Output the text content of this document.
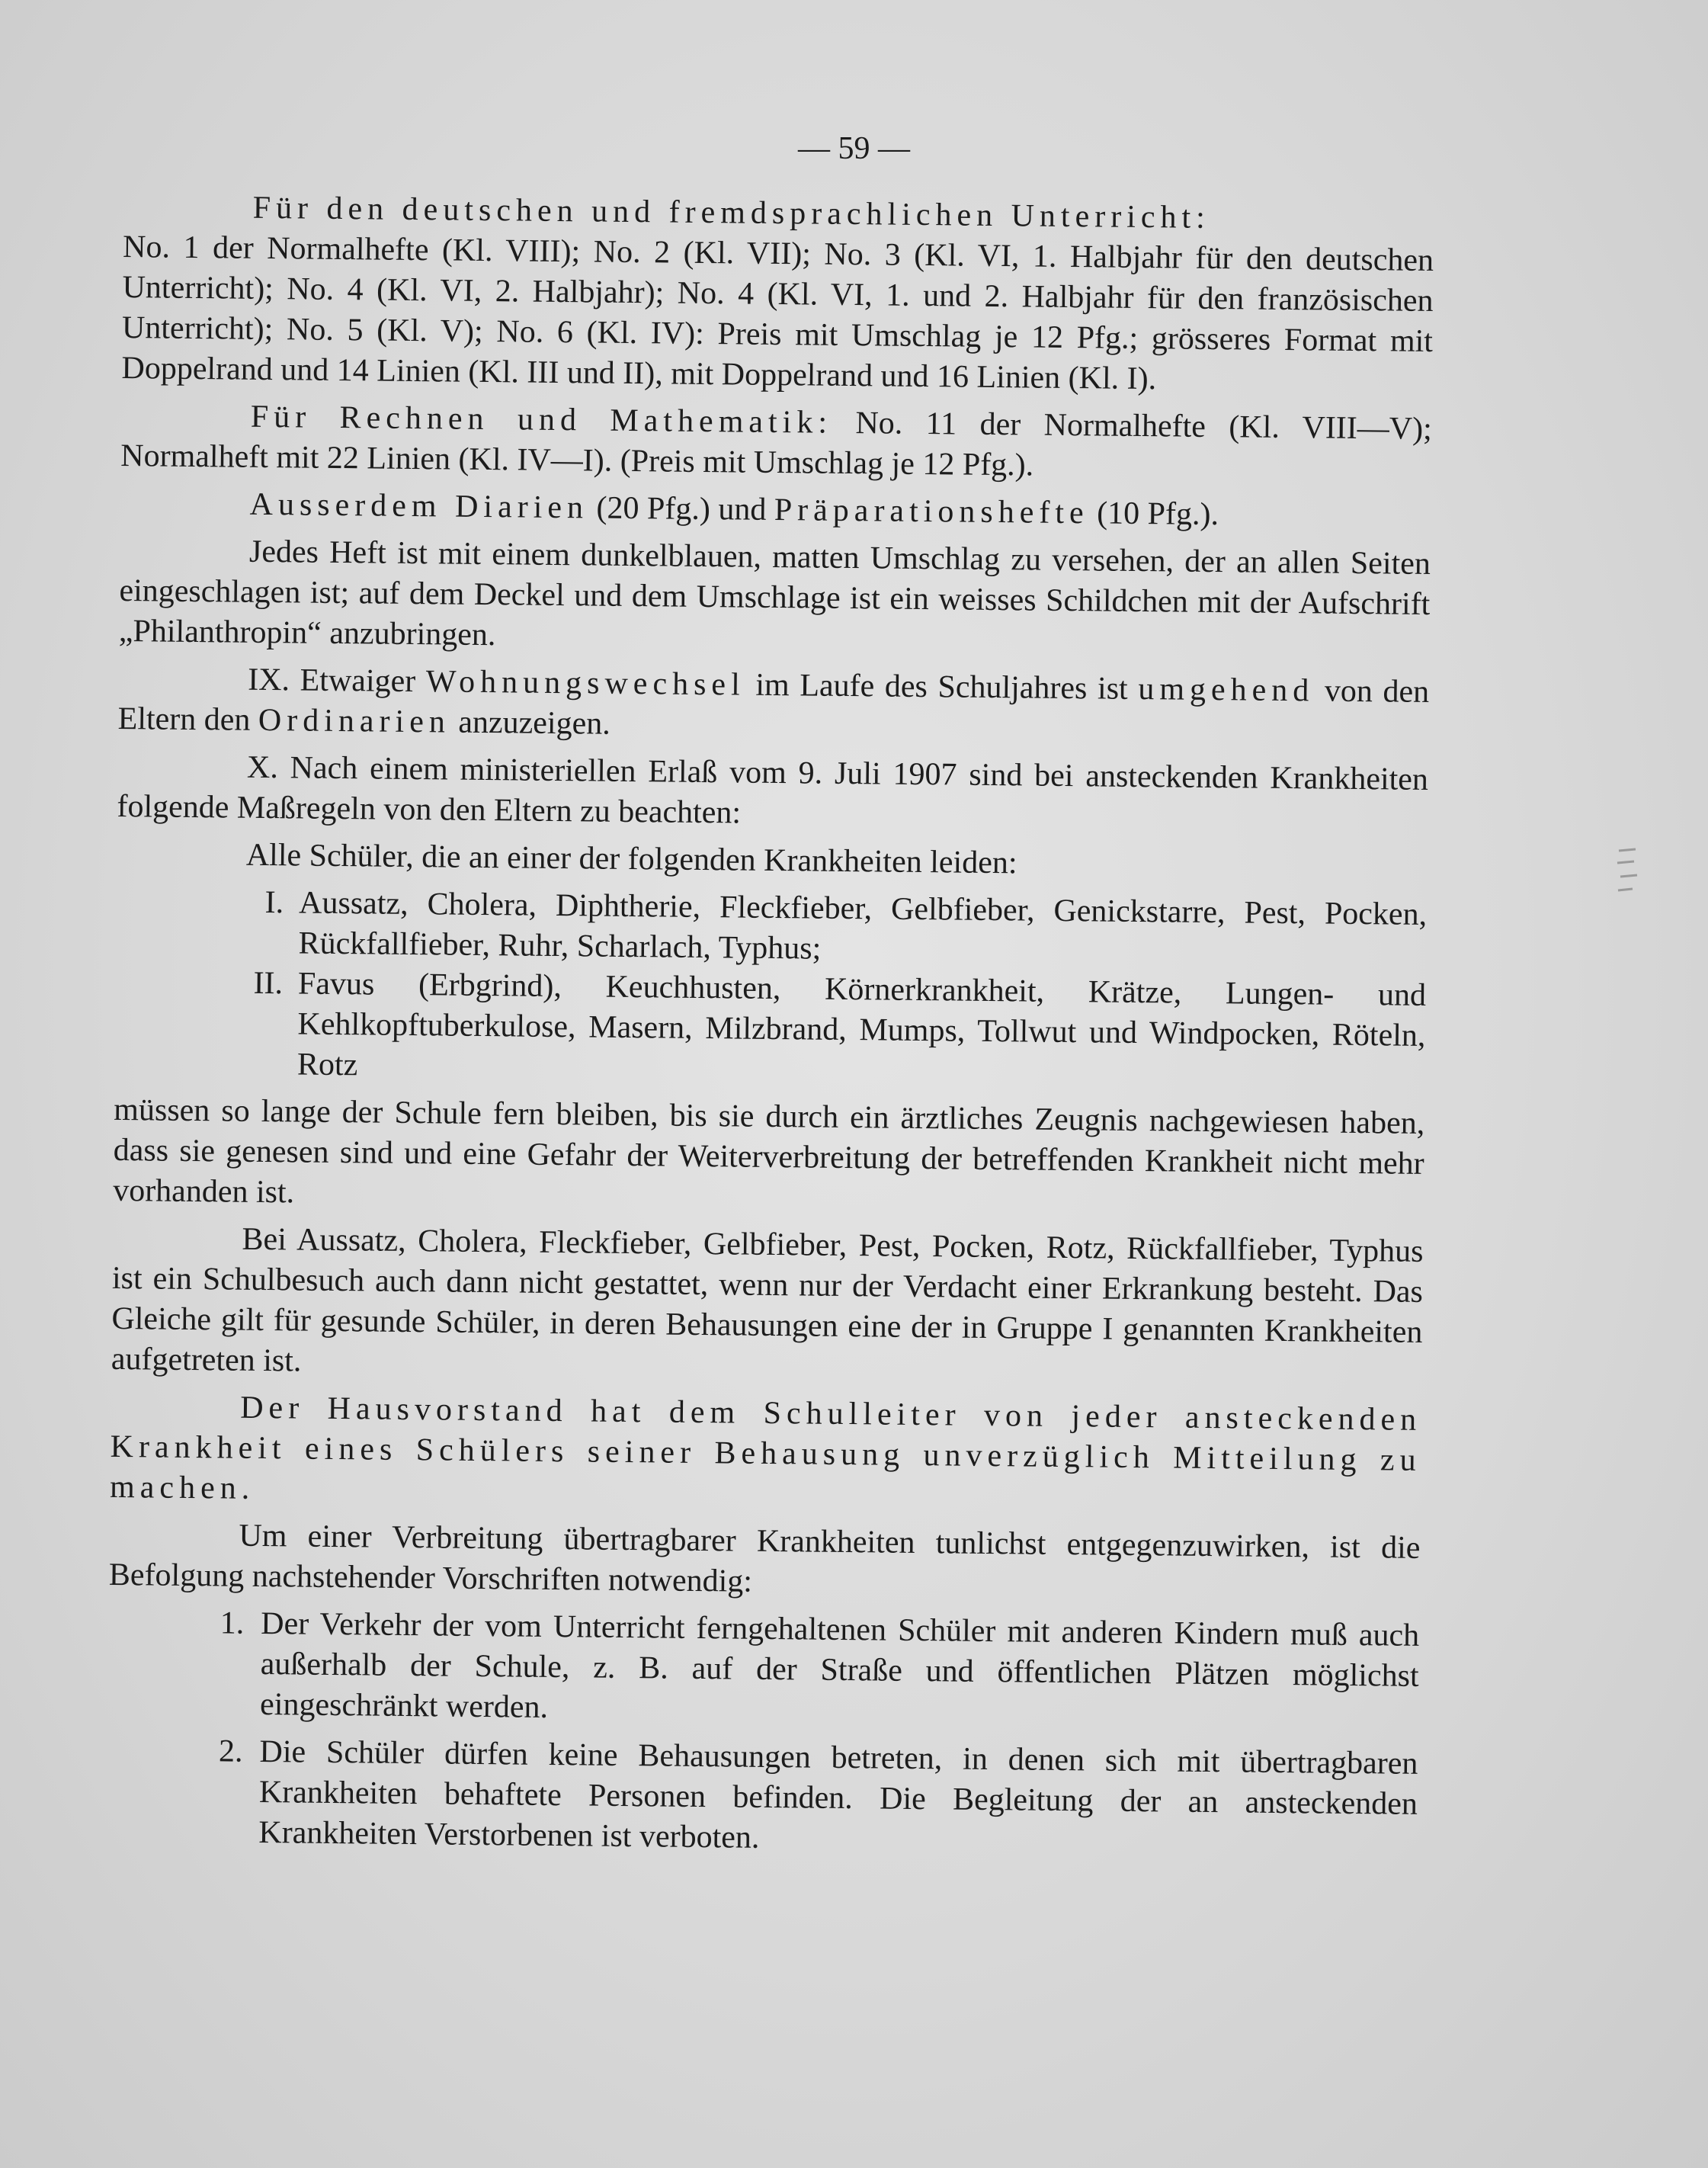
— 59 —

Für den deutschen und fremdsprachlichen Unterricht:
No. 1 der Normalhefte (Kl. VIII); No. 2 (Kl. VII); No. 3 (Kl. VI, 1. Halbjahr für den deutschen Unterricht); No. 4 (Kl. VI, 2. Halbjahr); No. 4 (Kl. VI, 1. und 2. Halbjahr für den französischen Unterricht); No. 5 (Kl. V); No. 6 (Kl. IV): Preis mit Umschlag je 12 Pfg.; grösseres Format mit Doppelrand und 14 Linien (Kl. III und II), mit Doppelrand und 16 Linien (Kl. I).

Für Rechnen und Mathematik: No. 11 der Normalhefte (Kl. VIII—V); Normalheft mit 22 Linien (Kl. IV—I). (Preis mit Umschlag je 12 Pfg.).

Ausserdem Diarien (20 Pfg.) und Präparationshefte (10 Pfg.).

Jedes Heft ist mit einem dunkelblauen, matten Umschlag zu versehen, der an allen Seiten eingeschlagen ist; auf dem Deckel und dem Umschlage ist ein weisses Schildchen mit der Aufschrift „Philanthropin“ anzubringen.

IX. Etwaiger Wohnungswechsel im Laufe des Schuljahres ist umgehend von den Eltern den Ordinarien anzuzeigen.

X. Nach einem ministeriellen Erlaß vom 9. Juli 1907 sind bei ansteckenden Krankheiten folgende Maßregeln von den Eltern zu beachten:

Alle Schüler, die an einer der folgenden Krankheiten leiden:

I. Aussatz, Cholera, Diphtherie, Fleckfieber, Gelbfieber, Genickstarre, Pest, Pocken, Rückfallfieber, Ruhr, Scharlach, Typhus;
II. Favus (Erbgrind), Keuchhusten, Körnerkrankheit, Krätze, Lungen- und Kehlkopftuberkulose, Masern, Milzbrand, Mumps, Tollwut und Windpocken, Röteln, Rotz

müssen so lange der Schule fern bleiben, bis sie durch ein ärztliches Zeugnis nachgewiesen haben, dass sie genesen sind und eine Gefahr der Weiterverbreitung der betreffenden Krankheit nicht mehr vorhanden ist.

Bei Aussatz, Cholera, Fleckfieber, Gelbfieber, Pest, Pocken, Rotz, Rückfallfieber, Typhus ist ein Schulbesuch auch dann nicht gestattet, wenn nur der Verdacht einer Erkrankung besteht. Das Gleiche gilt für gesunde Schüler, in deren Behausungen eine der in Gruppe I genannten Krankheiten aufgetreten ist.

Der Hausvorstand hat dem Schulleiter von jeder ansteckenden Krankheit eines Schülers seiner Behausung unverzüglich Mitteilung zu machen.

Um einer Verbreitung übertragbarer Krankheiten tunlichst entgegenzuwirken, ist die Befolgung nachstehender Vorschriften notwendig:

1. Der Verkehr der vom Unterricht ferngehaltenen Schüler mit anderen Kindern muß auch außerhalb der Schule, z. B. auf der Straße und öffentlichen Plätzen möglichst eingeschränkt werden.
2. Die Schüler dürfen keine Behausungen betreten, in denen sich mit übertragbaren Krankheiten behaftete Personen befinden. Die Begleitung der an ansteckenden Krankheiten Verstorbenen ist verboten.
